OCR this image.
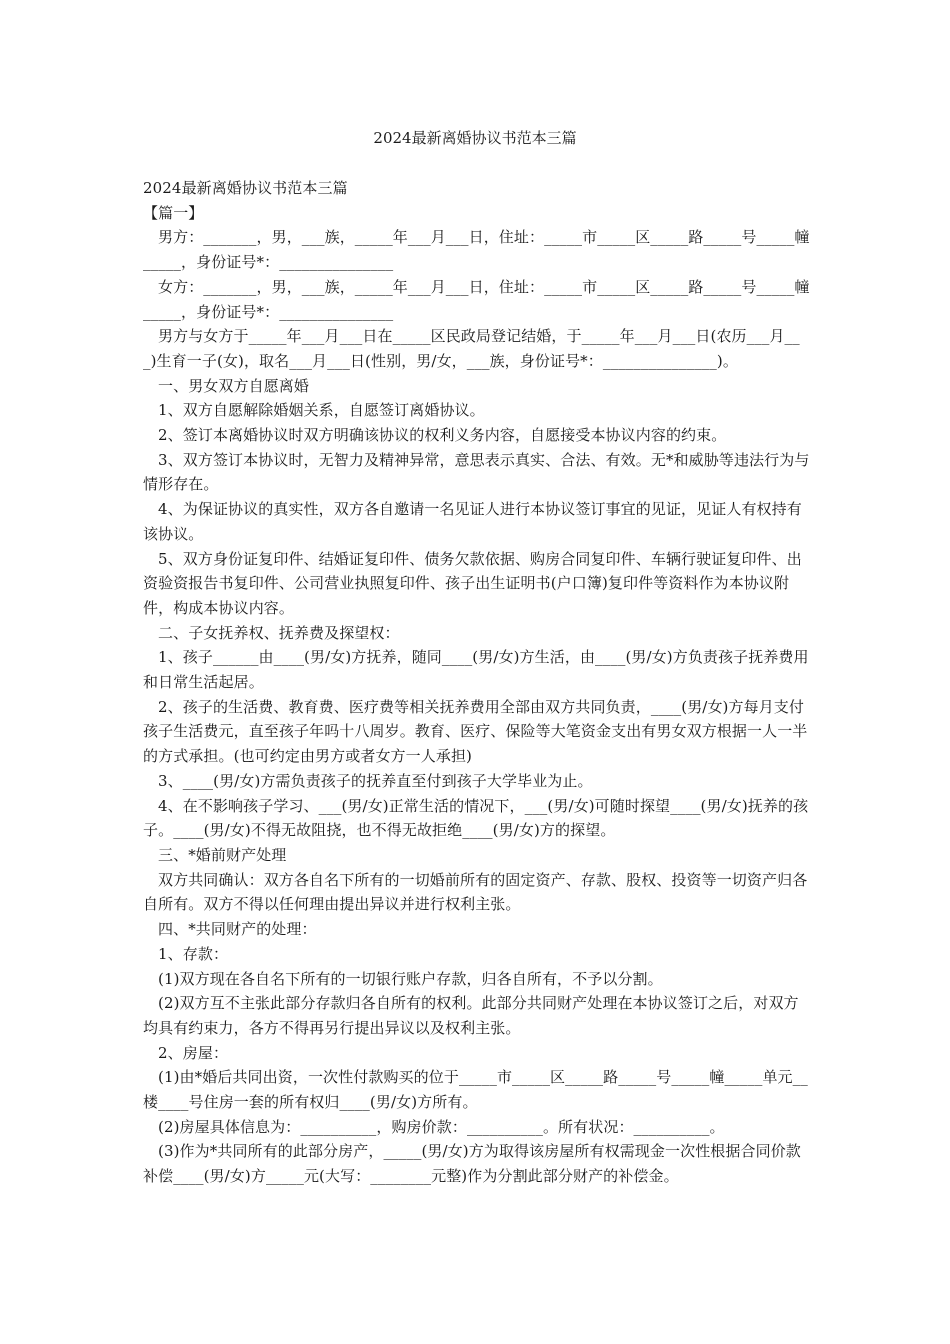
2024最新离婚协议书范本三篇

2024最新离婚协议书范本三篇

【篇一】

男方：_______，男，___族，_____年___月___日，住址：_____市_____区_____路_____号_____幢_____，身份证号*：_______________

女方：_______，男，___族，_____年___月___日，住址：_____市_____区_____路_____号_____幢_____，身份证号*：_______________

男方与女方于_____年___月___日在_____区民政局登记结婚，于_____年___月___日(农历___月___)生育一子(女)，取名___月___日(性别，男/女，___族，身份证号*：_______________)。

一、男女双方自愿离婚

1、双方自愿解除婚姻关系，自愿签订离婚协议。

2、签订本离婚协议时双方明确该协议的权利义务内容，自愿接受本协议内容的约束。

3、双方签订本协议时，无智力及精神异常，意思表示真实、合法、有效。无*和威胁等违法行为与情形存在。

4、为保证协议的真实性，双方各自邀请一名见证人进行本协议签订事宜的见证，见证人有权持有该协议。

5、双方身份证复印件、结婚证复印件、债务欠款依据、购房合同复印件、车辆行驶证复印件、出资验资报告书复印件、公司营业执照复印件、孩子出生证明书(户口簿)复印件等资料作为本协议附件，构成本协议内容。

二、子女抚养权、抚养费及探望权：

1、孩子______由____(男/女)方抚养，随同____(男/女)方生活，由____(男/女)方负责孩子抚养费用和日常生活起居。

2、孩子的生活费、教育费、医疗费等相关抚养费用全部由双方共同负责，____(男/女)方每月支付孩子生活费元，直至孩子年吗十八周岁。教育、医疗、保险等大笔资金支出有男女双方根据一人一半的方式承担。(也可约定由男方或者女方一人承担)

3、____(男/女)方需负责孩子的抚养直至付到孩子大学毕业为止。

4、在不影响孩子学习、___(男/女)正常生活的情况下，___(男/女)可随时探望____(男/女)抚养的孩子。____(男/女)不得无故阻挠，也不得无故拒绝____(男/女)方的探望。

三、*婚前财产处理

双方共同确认：双方各自名下所有的一切婚前所有的固定资产、存款、股权、投资等一切资产归各自所有。双方不得以任何理由提出异议并进行权利主张。

四、*共同财产的处理：

1、存款：

(1)双方现在各自名下所有的一切银行账户存款，归各自所有，不予以分割。

(2)双方互不主张此部分存款归各自所有的权利。此部分共同财产处理在本协议签订之后，对双方均具有约束力，各方不得再另行提出异议以及权利主张。

2、房屋：

(1)由*婚后共同出资，一次性付款购买的位于_____市_____区_____路_____号_____幢_____单元__楼____号住房一套的所有权归____(男/女)方所有。

(2)房屋具体信息为：__________，购房价款：__________。所有状况：__________。

(3)作为*共同所有的此部分房产，_____(男/女)方为取得该房屋所有权需现金一次性根据合同价款补偿____(男/女)方_____元(大写：________元整)作为分割此部分财产的补偿金。
